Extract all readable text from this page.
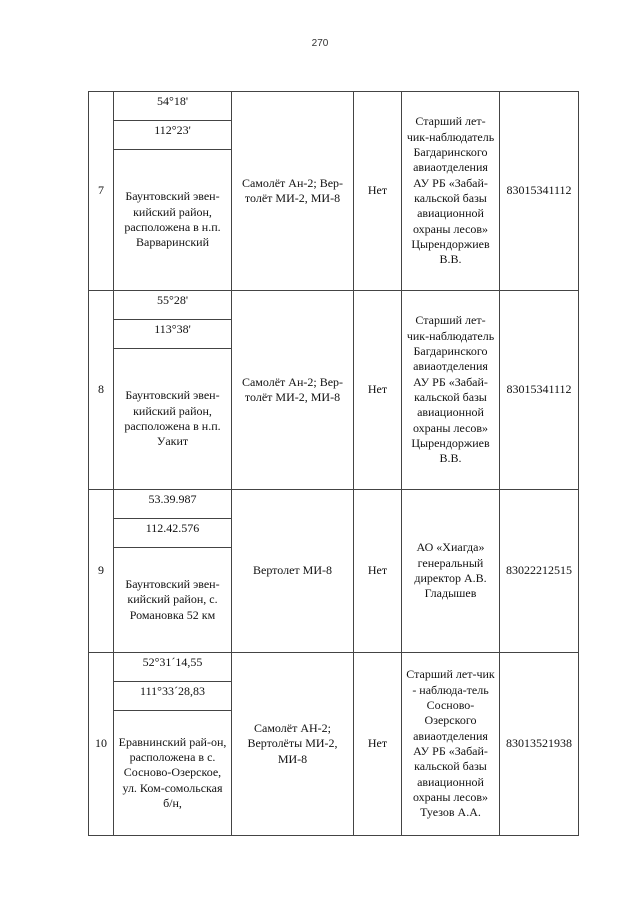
270
7	54°18'	Самолёт Ан-2; Вер-толёт МИ-2, МИ-8	Нет	Старший лет-чик-наблюдатель Багдаринского авиаотделения АУ РБ «Забай-кальской базы авиационной охраны лесов» Цырендоржиев В.В.	83015341112
	112°23'				
	Баунтовский эвен-кийский район, расположена в н.п. Варваринский				
8	55°28'	Самолёт Ан-2; Вер-толёт МИ-2, МИ-8	Нет	Старший лет-чик-наблюдатель Багдаринского авиаотделения АУ РБ «Забай-кальской базы авиационной охраны лесов» Цырендоржиев В.В.	83015341112
	113°38'				
	Баунтовский эвен-кийский район, расположена в н.п. Уакит				
9	53.39.987	Вертолет МИ-8	Нет	АО «Хиагда» генеральный директор А.В. Гладышев	83022212515
	112.42.576				
	Баунтовский эвен-кийский район, с. Романовка 52 км				
10	52°31´14,55	Самолёт АН-2; Вертолёты МИ-2, МИ-8	Нет	Старший лет-чик - наблюда-тель Сосново-Озерского авиаотделения АУ РБ «Забай-кальской базы авиационной охраны лесов» Туезов А.А.	83013521938
	111°33´28,83				
	Еравнинский рай-он, расположена в с. Сосново-Озерское, ул. Ком-сомольская б/н,				
